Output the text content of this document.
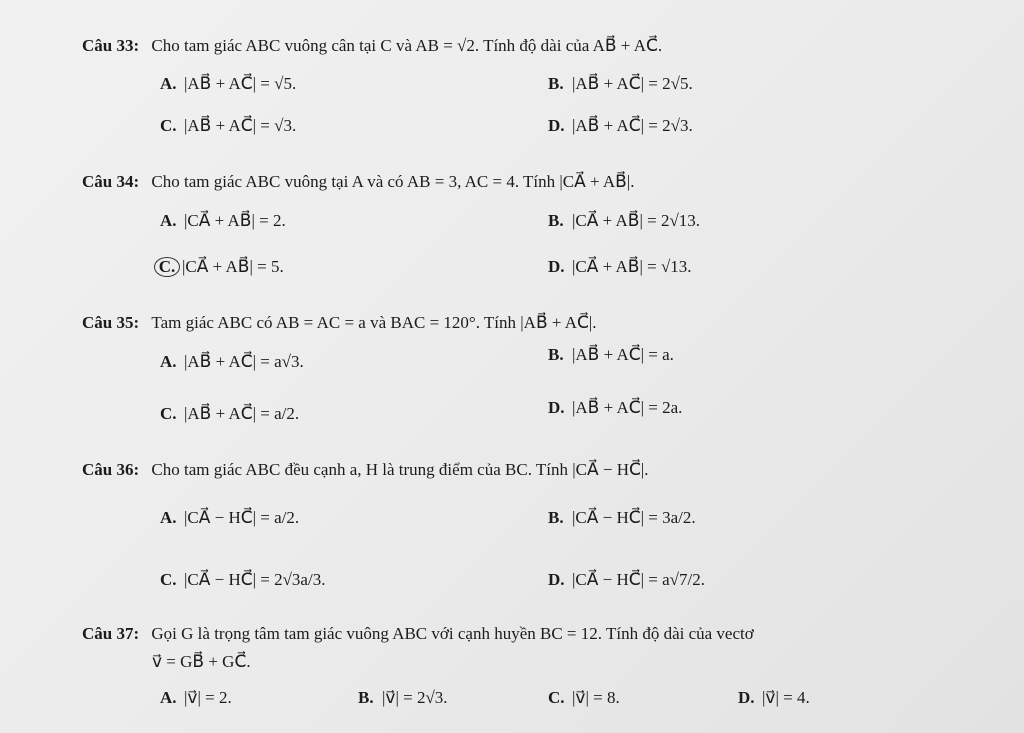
Câu 33: Cho tam giác ABC vuông cân tại C và AB = √2. Tính độ dài của AB⃗ + AC⃗.
A. |AB⃗ + AC⃗| = √5.	B. |AB⃗ + AC⃗| = 2√5.
C. |AB⃗ + AC⃗| = √3.	D. |AB⃗ + AC⃗| = 2√3.
Câu 34: Cho tam giác ABC vuông tại A và có AB = 3, AC = 4. Tính |CA⃗ + AB⃗|.
A. |CA⃗ + AB⃗| = 2.	B. |CA⃗ + AB⃗| = 2√13.
C. |CA⃗ + AB⃗| = 5.	D. |CA⃗ + AB⃗| = √13.
Câu 35: Tam giác ABC có AB = AC = a và BAC = 120°. Tính |AB⃗ + AC⃗|.
A. |AB⃗ + AC⃗| = a√3.	B. |AB⃗ + AC⃗| = a.
C. |AB⃗ + AC⃗| = a/2.	D. |AB⃗ + AC⃗| = 2a.
Câu 36: Cho tam giác ABC đều cạnh a, H là trung điểm của BC. Tính |CA⃗ − HC⃗|.
A. |CA⃗ − HC⃗| = a/2.	B. |CA⃗ − HC⃗| = 3a/2.
C. |CA⃗ − HC⃗| = 2√3a/3.	D. |CA⃗ − HC⃗| = a√7/2.
Câu 37: Gọi G là trọng tâm tam giác vuông ABC với cạnh huyền BC = 12. Tính độ dài của vectơ
v⃗ = GB⃗ + GC⃗.
A. |v⃗| = 2.	B. |v⃗| = 2√3.	C. |v⃗| = 8.	D. |v⃗| = 4.
